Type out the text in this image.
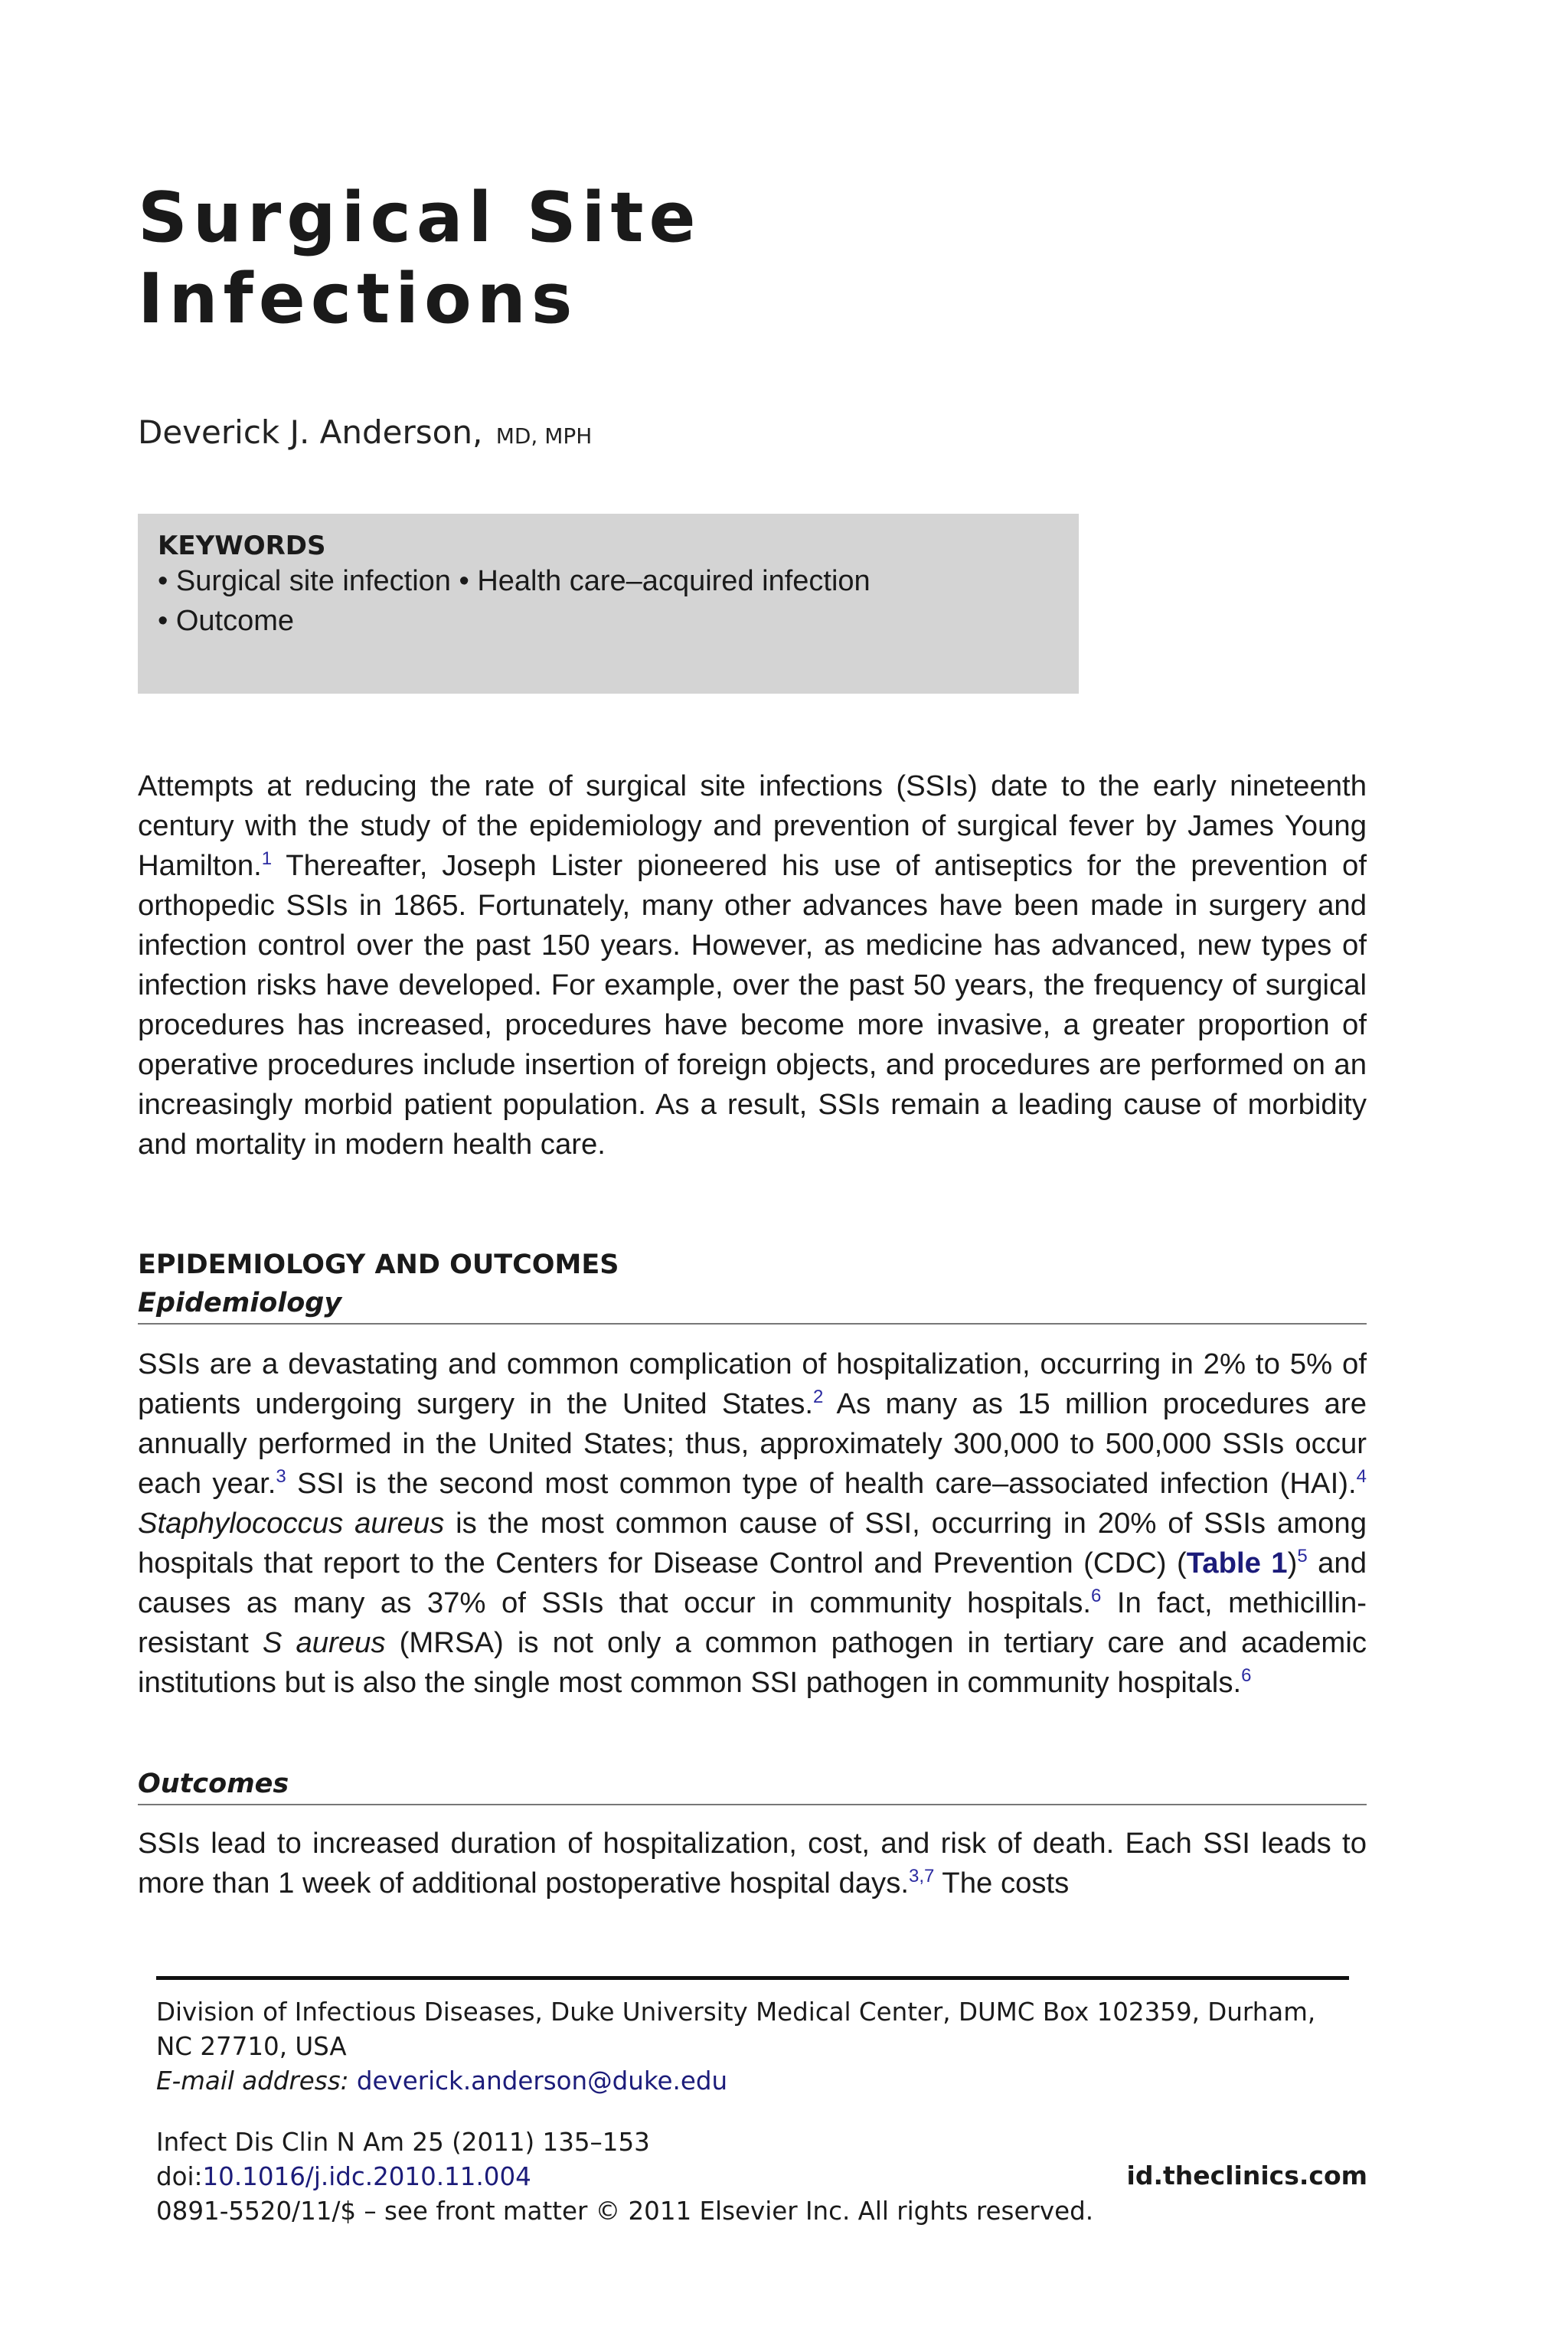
Surgical Site
Infections
Deverick J. Anderson, MD, MPH
KEYWORDS
• Surgical site infection • Health care–acquired infection
• Outcome

Attempts at reducing the rate of surgical site infections (SSIs) date to the early nineteenth century with the study of the epidemiology and prevention of surgical fever by James Young Hamilton.$^1$ Thereafter, Joseph Lister pioneered his use of antiseptics for the prevention of orthopedic SSIs in 1865. Fortunately, many other advances have been made in surgery and infection control over the past 150 years. However, as medicine has advanced, new types of infection risks have developed. For example, over the past 50 years, the frequency of surgical procedures has increased, procedures have become more invasive, a greater proportion of operative procedures include insertion of foreign objects, and procedures are performed on an increasingly morbid patient population. As a result, SSIs remain a leading cause of morbidity and mortality in modern health care.

EPIDEMIOLOGY AND OUTCOMES
Epidemiology

SSIs are a devastating and common complication of hospitalization, occurring in 2% to 5% of patients undergoing surgery in the United States.$^2$ As many as 15 million procedures are annually performed in the United States; thus, approximately 300,000 to 500,000 SSIs occur each year.$^3$ SSI is the second most common type of health care–associated infection (HAI).$^4$ Staphylococcus aureus is the most common cause of SSI, occurring in 20% of SSIs among hospitals that report to the Centers for Disease Control and Prevention (CDC) (Table 1)$^5$ and causes as many as 37% of SSIs that occur in community hospitals.$^6$ In fact, methicillin-resistant S aureus (MRSA) is not only a common pathogen in tertiary care and academic institutions but is also the single most common SSI pathogen in community hospitals.$^6$

Outcomes

SSIs lead to increased duration of hospitalization, cost, and risk of death. Each SSI leads to more than 1 week of additional postoperative hospital days.$^{3,7}$ The costs

Division of Infectious Diseases, Duke University Medical Center, DUMC Box 102359, Durham, NC 27710, USA
E-mail address: deverick.anderson@duke.edu
Infect Dis Clin N Am 25 (2011) 135–153
doi:10.1016/j.idc.2010.11.004	id.theclinics.com
0891-5520/11/$ – see front matter © 2011 Elsevier Inc. All rights reserved.
